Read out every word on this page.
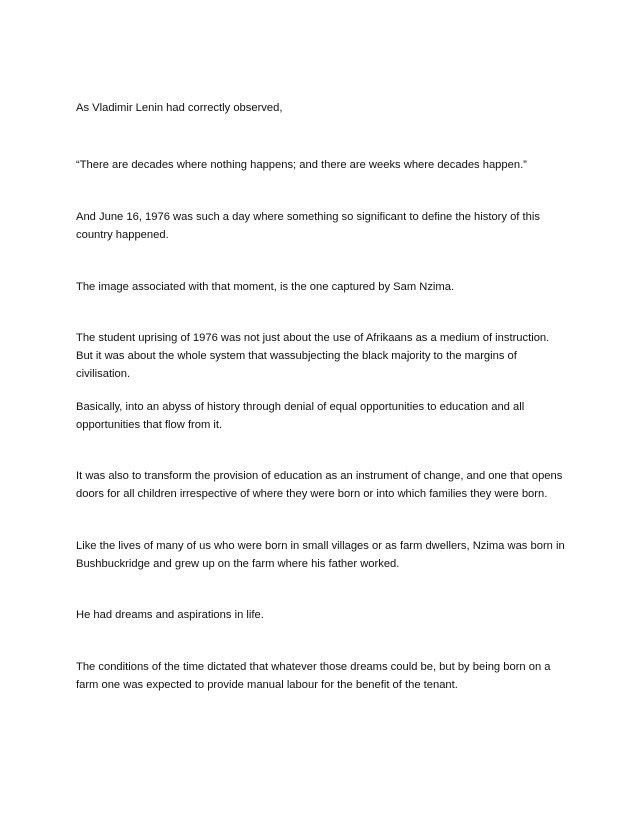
As Vladimir Lenin had correctly observed,

“There are decades where nothing happens; and there are weeks where decades happen.”

And June 16, 1976 was such a day where something so significant to define the history of this country happened.

The image associated with that moment, is the one captured by Sam Nzima.

The student uprising of 1976 was not just about the use of Afrikaans as a medium of instruction. But it was about the whole system that wassubjecting the black majority to the margins of civilisation.

Basically, into an abyss of history through denial of equal opportunities to education and all opportunities that flow from it.

It was also to transform the provision of education as an instrument of change, and one that opens doors for all children irrespective of where they were born or into which families they were born.

Like the lives of many of us who were born in small villages or as farm dwellers, Nzima was born in Bushbuckridge and grew up on the farm where his father worked.

He had dreams and aspirations in life.

The conditions of the time dictated that whatever those dreams could be, but by being born on a farm one was expected to provide manual labour for the benefit of the tenant.
